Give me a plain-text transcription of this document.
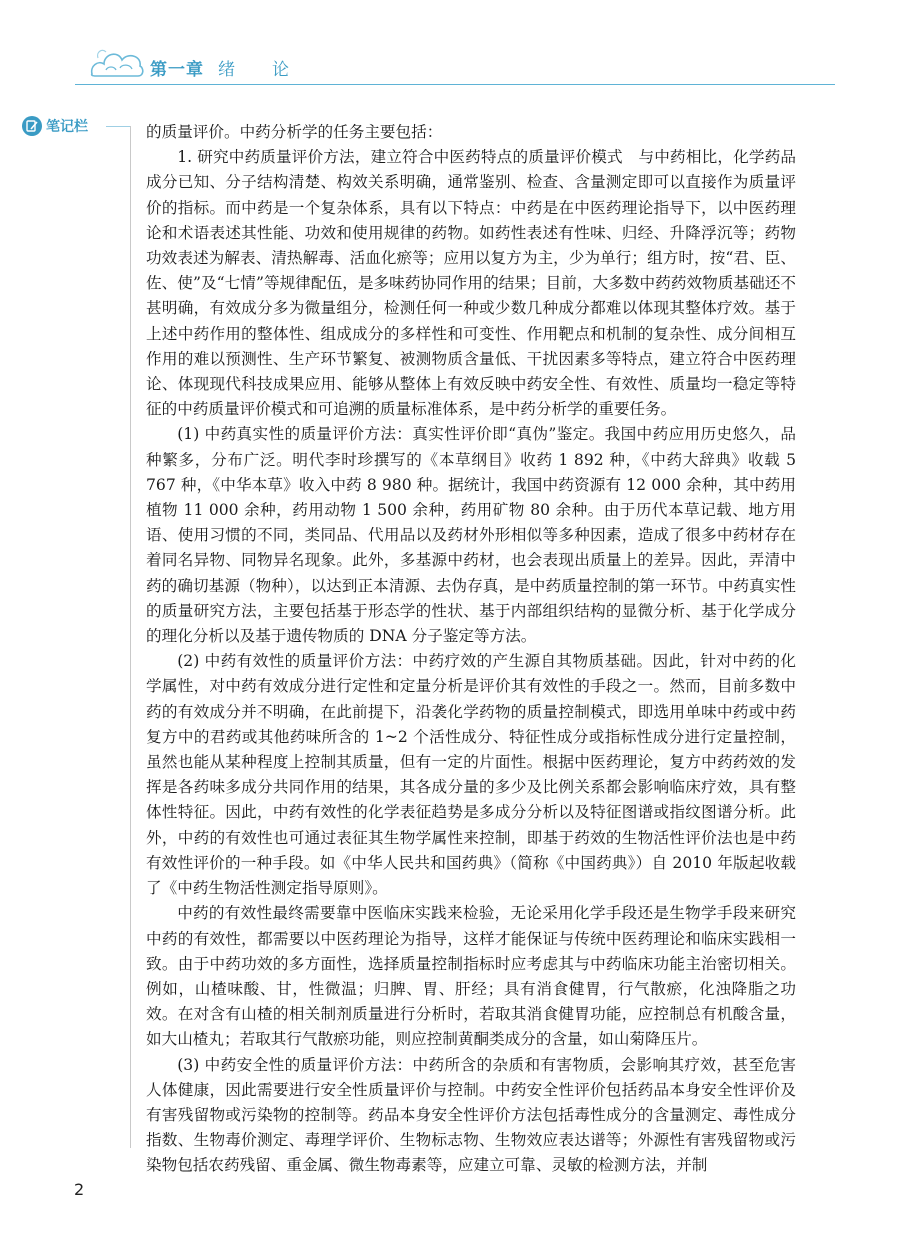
第一章 绪　论
笔记栏	的质量评价。中药分析学的任务主要包括：

1. 研究中药质量评价方法，建立符合中医药特点的质量评价模式　与中药相比，化学药品成分已知、分子结构清楚、构效关系明确，通常鉴别、检查、含量测定即可以直接作为质量评价的指标。而中药是一个复杂体系，具有以下特点：中药是在中医药理论指导下，以中医药理论和术语表述其性能、功效和使用规律的药物。如药性表述有性味、归经、升降浮沉等；药物功效表述为解表、清热解毒、活血化瘀等；应用以复方为主，少为单行；组方时，按“君、臣、佐、使”及“七情”等规律配伍，是多味药协同作用的结果；目前，大多数中药药效物质基础还不甚明确，有效成分多为微量组分，检测任何一种或少数几种成分都难以体现其整体疗效。基于上述中药作用的整体性、组成成分的多样性和可变性、作用靶点和机制的复杂性、成分间相互作用的难以预测性、生产环节繁复、被测物质含量低、干扰因素多等特点，建立符合中医药理论、体现现代科技成果应用、能够从整体上有效反映中药安全性、有效性、质量均一稳定等特征的中药质量评价模式和可追溯的质量标准体系，是中药分析学的重要任务。

(1) 中药真实性的质量评价方法：真实性评价即“真伪”鉴定。我国中药应用历史悠久，品种繁多，分布广泛。明代李时珍撰写的《本草纲目》收药 1 892 种，《中药大辞典》收载 5 767 种，《中华本草》收入中药 8 980 种。据统计，我国中药资源有 12 000 余种，其中药用植物 11 000 余种，药用动物 1 500 余种，药用矿物 80 余种。由于历代本草记载、地方用语、使用习惯的不同，类同品、代用品以及药材外形相似等多种因素，造成了很多中药材存在着同名异物、同物异名现象。此外，多基源中药材，也会表现出质量上的差异。因此，弄清中药的确切基源（物种），以达到正本清源、去伪存真，是中药质量控制的第一环节。中药真实性的质量研究方法，主要包括基于形态学的性状、基于内部组织结构的显微分析、基于化学成分的理化分析以及基于遗传物质的 DNA 分子鉴定等方法。

(2) 中药有效性的质量评价方法：中药疗效的产生源自其物质基础。因此，针对中药的化学属性，对中药有效成分进行定性和定量分析是评价其有效性的手段之一。然而，目前多数中药的有效成分并不明确，在此前提下，沿袭化学药物的质量控制模式，即选用单味中药或中药复方中的君药或其他药味所含的 1~2 个活性成分、特征性成分或指标性成分进行定量控制，虽然也能从某种程度上控制其质量，但有一定的片面性。根据中医药理论，复方中药药效的发挥是各药味多成分共同作用的结果，其各成分量的多少及比例关系都会影响临床疗效，具有整体性特征。因此，中药有效性的化学表征趋势是多成分分析以及特征图谱或指纹图谱分析。此外，中药的有效性也可通过表征其生物学属性来控制，即基于药效的生物活性评价法也是中药有效性评价的一种手段。如《中华人民共和国药典》（简称《中国药典》）自 2010 年版起收载了《中药生物活性测定指导原则》。

中药的有效性最终需要靠中医临床实践来检验，无论采用化学手段还是生物学手段来研究中药的有效性，都需要以中医药理论为指导，这样才能保证与传统中医药理论和临床实践相一致。由于中药功效的多方面性，选择质量控制指标时应考虑其与中药临床功能主治密切相关。例如，山楂味酸、甘，性微温；归脾、胃、肝经；具有消食健胃，行气散瘀，化浊降脂之功效。在对含有山楂的相关制剂质量进行分析时，若取其消食健胃功能，应控制总有机酸含量，如大山楂丸；若取其行气散瘀功能，则应控制黄酮类成分的含量，如山菊降压片。

(3) 中药安全性的质量评价方法：中药所含的杂质和有害物质，会影响其疗效，甚至危害人体健康，因此需要进行安全性质量评价与控制。中药安全性评价包括药品本身安全性评价及有害残留物或污染物的控制等。药品本身安全性评价方法包括毒性成分的含量测定、毒性成分指数、生物毒价测定、毒理学评价、生物标志物、生物效应表达谱等；外源性有害残留物或污染物包括农药残留、重金属、微生物毒素等，应建立可靠、灵敏的检测方法，并制

2
